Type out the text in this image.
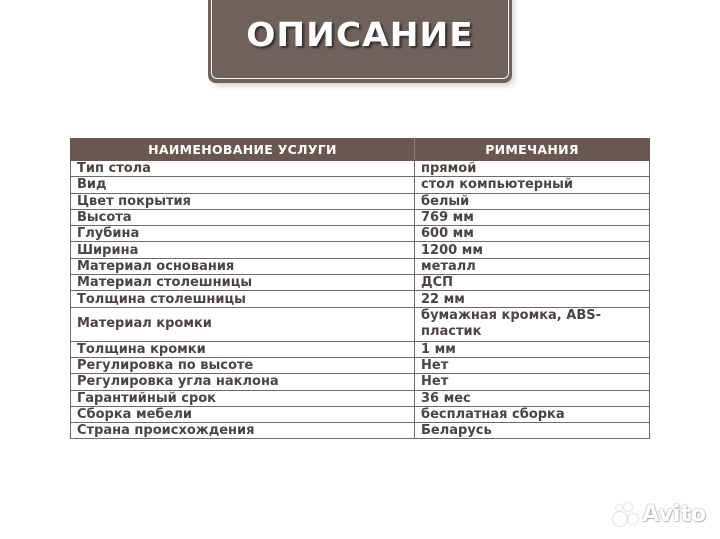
ОПИСАНИЕ
НАИМЕНОВАНИЕ УСЛУГИ	РИМЕЧАНИЯ
Тип стола	прямой
Вид	стол компьютерный
Цвет покрытия	белый
Высота	769 мм
Глубина	600 мм
Ширина	1200 мм
Материал основания	металл
Материал столешницы	ДСП
Толщина столешницы	22 мм
Материал кромки	бумажная кромка, ABS-пластик
Толщина кромки	1 мм
Регулировка по высоте	Нет
Регулировка угла наклона	Нет
Гарантийный срок	36 мес
Сборка мебели	бесплатная сборка
Страна происхождения	Беларусь
Avito
